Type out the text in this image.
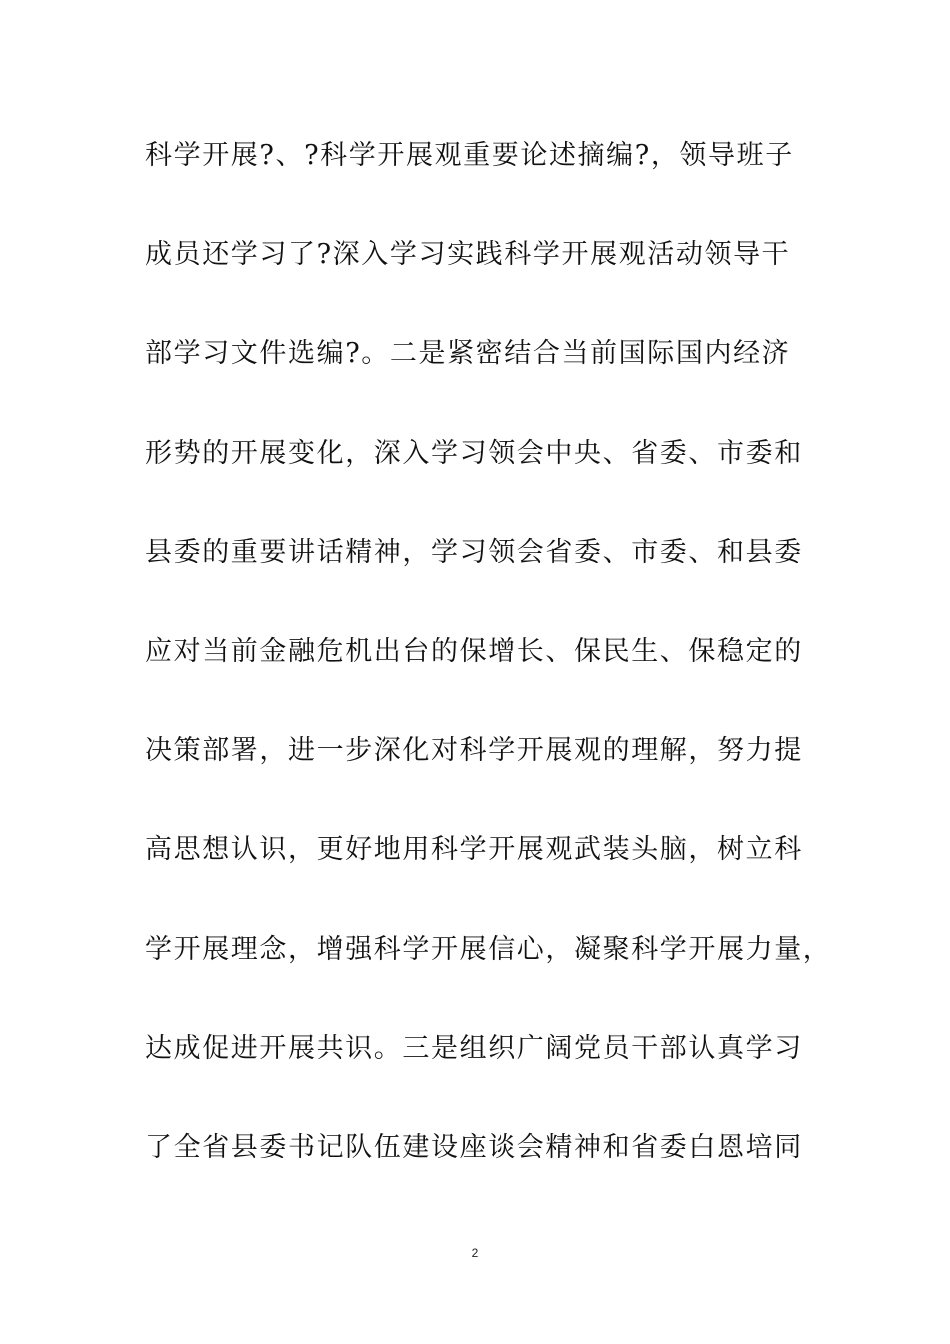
科学开展?、?科学开展观重要论述摘编?，领导班子
成员还学习了?深入学习实践科学开展观活动领导干
部学习文件选编?。二是紧密结合当前国际国内经济
形势的开展变化，深入学习领会中央、省委、市委和
县委的重要讲话精神，学习领会省委、市委、和县委
应对当前金融危机出台的保增长、保民生、保稳定的
决策部署，进一步深化对科学开展观的理解，努力提
高思想认识，更好地用科学开展观武装头脑，树立科
学开展理念，增强科学开展信心，凝聚科学开展力量，
达成促进开展共识。三是组织广阔党员干部认真学习
了全省县委书记队伍建设座谈会精神和省委白恩培同
2
